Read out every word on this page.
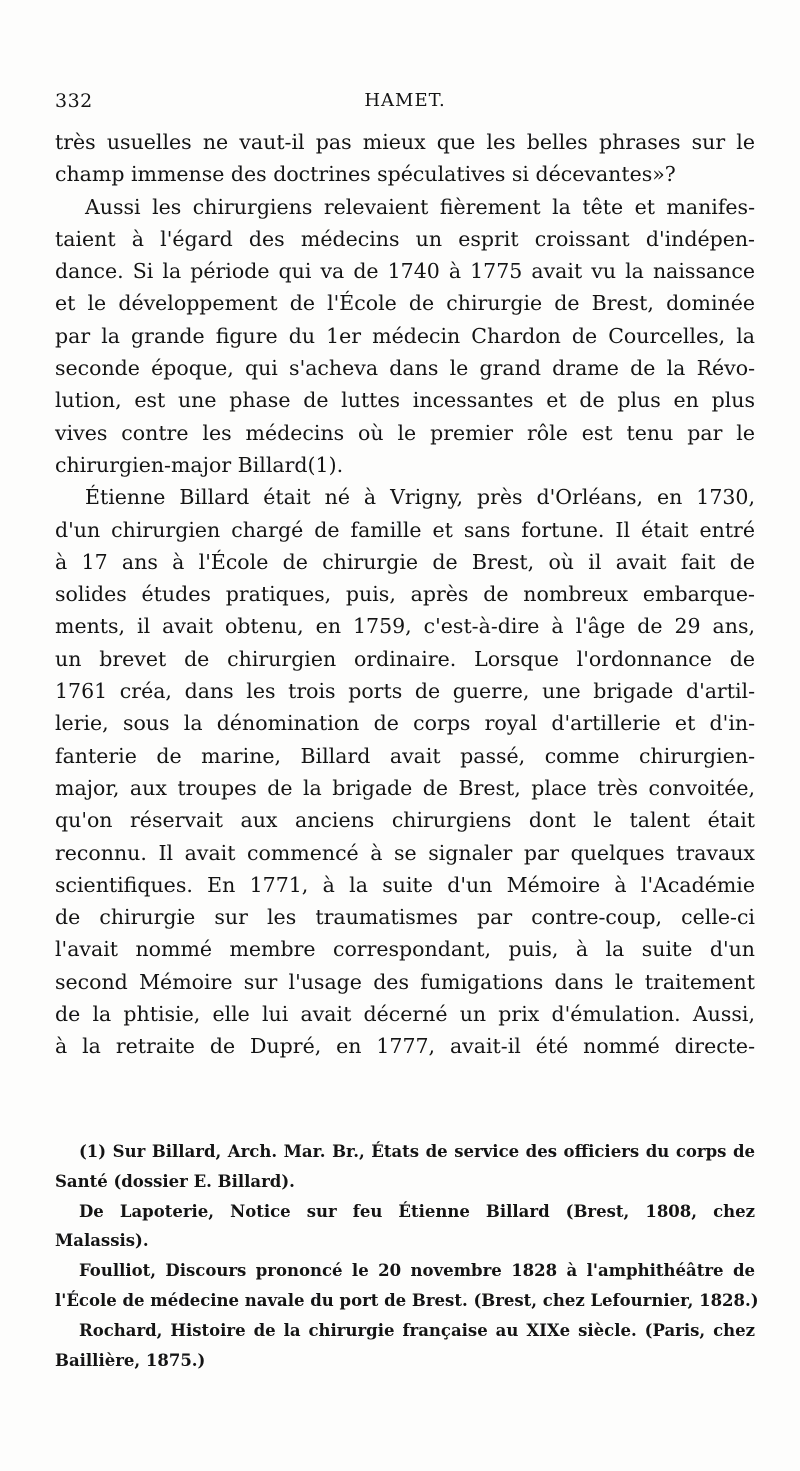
332	HAMET.
très usuelles ne vaut-il pas mieux que les belles phrases sur le
champ immense des doctrines spéculatives si décevantes»?
Aussi les chirurgiens relevaient fièrement la tête et manifes-
taient à l'égard des médecins un esprit croissant d'indépen-
dance. Si la période qui va de 1740 à 1775 avait vu la naissance
et le développement de l'École de chirurgie de Brest, dominée
par la grande figure du 1er médecin Chardon de Courcelles, la
seconde époque, qui s'acheva dans le grand drame de la Révo-
lution, est une phase de luttes incessantes et de plus en plus
vives contre les médecins où le premier rôle est tenu par le
chirurgien-major Billard(1).
Étienne Billard était né à Vrigny, près d'Orléans, en 1730,
d'un chirurgien chargé de famille et sans fortune. Il était entré
à 17 ans à l'École de chirurgie de Brest, où il avait fait de
solides études pratiques, puis, après de nombreux embarque-
ments, il avait obtenu, en 1759, c'est-à-dire à l'âge de 29 ans,
un brevet de chirurgien ordinaire. Lorsque l'ordonnance de
1761 créa, dans les trois ports de guerre, une brigade d'artil-
lerie, sous la dénomination de corps royal d'artillerie et d'in-
fanterie de marine, Billard avait passé, comme chirurgien-
major, aux troupes de la brigade de Brest, place très convoitée,
qu'on réservait aux anciens chirurgiens dont le talent était
reconnu. Il avait commencé à se signaler par quelques travaux
scientifiques. En 1771, à la suite d'un Mémoire à l'Académie
de chirurgie sur les traumatismes par contre-coup, celle-ci
l'avait nommé membre correspondant, puis, à la suite d'un
second Mémoire sur l'usage des fumigations dans le traitement
de la phtisie, elle lui avait décerné un prix d'émulation. Aussi,
à la retraite de Dupré, en 1777, avait-il été nommé directe-
(1) Sur Billard, Arch. Mar. Br., États de service des officiers du corps de
Santé (dossier E. Billard).
De Lapoterie, Notice sur feu Étienne Billard (Brest, 1808, chez
Malassis).
Foulliot, Discours prononcé le 20 novembre 1828 à l'amphithéâtre de
l'École de médecine navale du port de Brest. (Brest, chez Lefournier, 1828.)
Rochard, Histoire de la chirurgie française au XIXe siècle. (Paris, chez
Baillière, 1875.)
